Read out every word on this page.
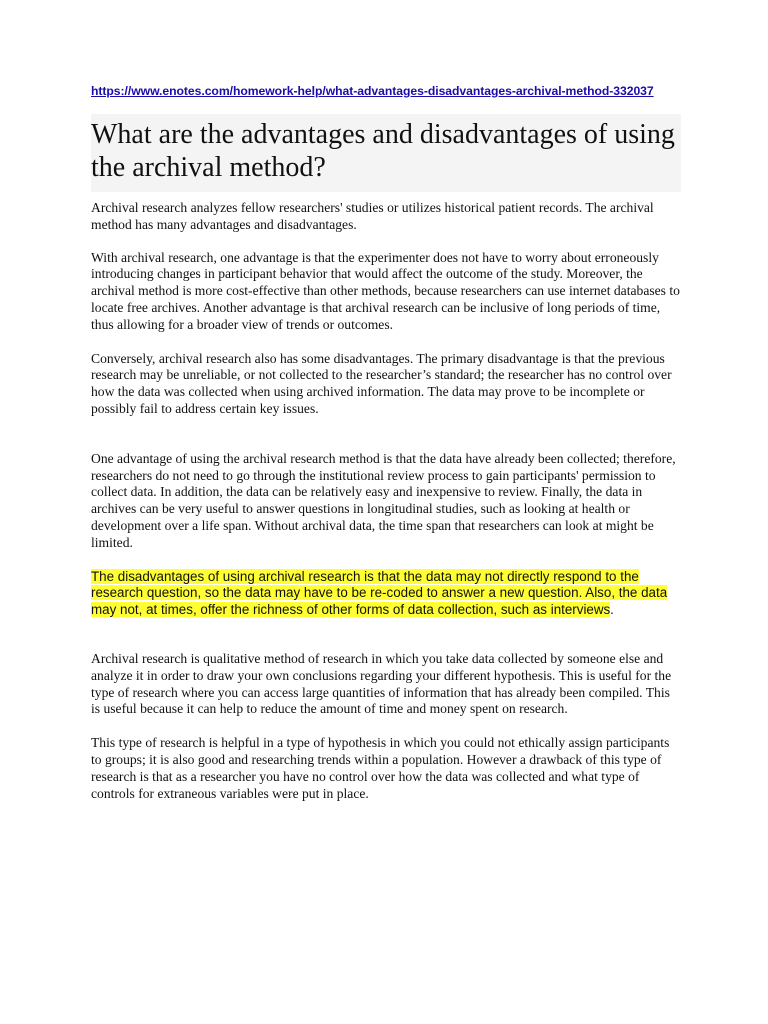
https://www.enotes.com/homework-help/what-advantages-disadvantages-archival-method-332037
What are the advantages and disadvantages of using the archival method?

Archival research analyzes fellow researchers' studies or utilizes historical patient records. The archival method has many advantages and disadvantages.

With archival research, one advantage is that the experimenter does not have to worry about erroneously introducing changes in participant behavior that would affect the outcome of the study. Moreover, the archival method is more cost-effective than other methods, because researchers can use internet databases to locate free archives. Another advantage is that archival research can be inclusive of long periods of time, thus allowing for a broader view of trends or outcomes.

Conversely, archival research also has some disadvantages. The primary disadvantage is that the previous research may be unreliable, or not collected to the researcher’s standard; the researcher has no control over how the data was collected when using archived information. The data may prove to be incomplete or possibly fail to address certain key issues.

One advantage of using the archival research method is that the data have already been collected; therefore, researchers do not need to go through the institutional review process to gain participants' permission to collect data. In addition, the data can be relatively easy and inexpensive to review. Finally, the data in archives can be very useful to answer questions in longitudinal studies, such as looking at health or development over a life span. Without archival data, the time span that researchers can look at might be limited.

The disadvantages of using archival research is that the data may not directly respond to the research question, so the data may have to be re-coded to answer a new question. Also, the data may not, at times, offer the richness of other forms of data collection, such as interviews.

Archival research is qualitative method of research in which you take data collected by someone else and analyze it in order to draw your own conclusions regarding your different hypothesis. This is useful for the type of research where you can access large quantities of information that has already been compiled. This is useful because it can help to reduce the amount of time and money spent on research.

This type of research is helpful in a type of hypothesis in which you could not ethically assign participants to groups; it is also good and researching trends within a population. However a drawback of this type of research is that as a researcher you have no control over how the data was collected and what type of controls for extraneous variables were put in place.
